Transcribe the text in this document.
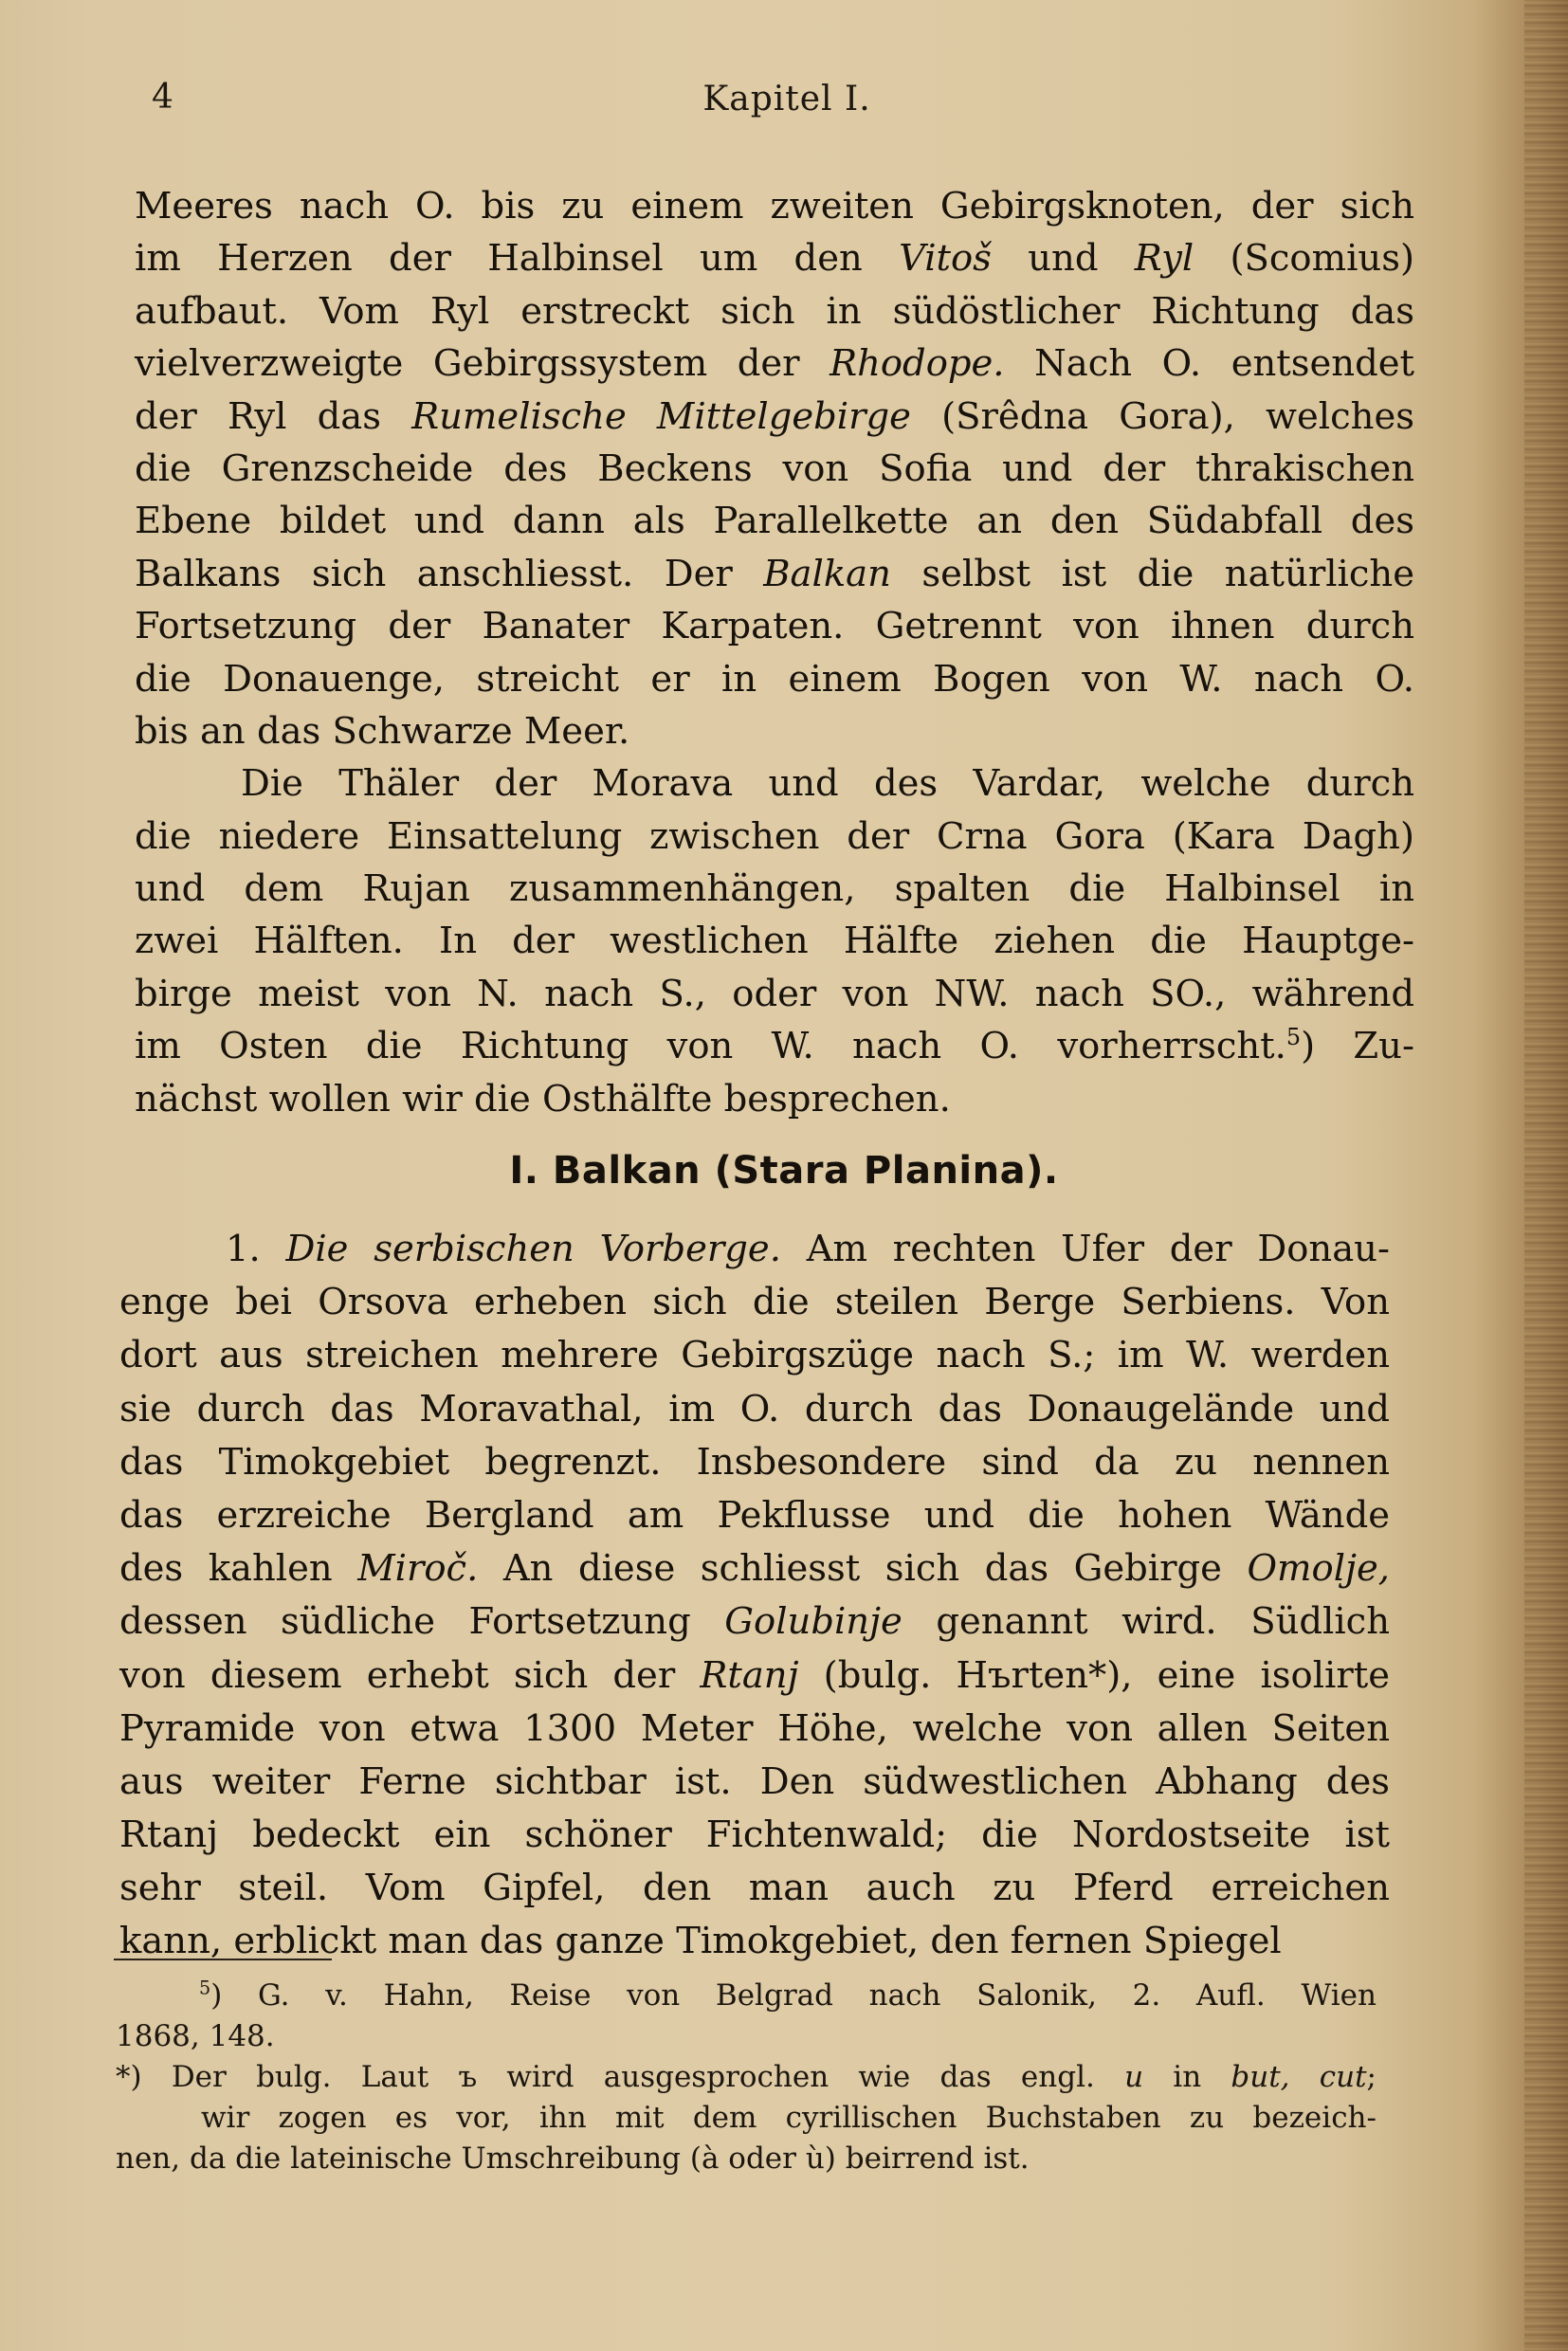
4	Kapitel I.
Meeres nach O. bis zu einem zweiten Gebirgsknoten, der sich
im Herzen der Halbinsel um den Vitoš und Ryl (Scomius)
aufbaut. Vom Ryl erstreckt sich in südöstlicher Richtung das
vielverzweigte Gebirgssystem der Rhodope. Nach O. entsendet
der Ryl das Rumelische Mittelgebirge (Srêdna Gora), welches
die Grenzscheide des Beckens von Sofia und der thrakischen
Ebene bildet und dann als Parallelkette an den Südabfall des
Balkans sich anschliesst. Der Balkan selbst ist die natürliche
Fortsetzung der Banater Karpaten. Getrennt von ihnen durch
die Donauenge, streicht er in einem Bogen von W. nach O.
bis an das Schwarze Meer.
Die Thäler der Morava und des Vardar, welche durch
die niedere Einsattelung zwischen der Crna Gora (Kara Dagh)
und dem Rujan zusammenhängen, spalten die Halbinsel in
zwei Hälften. In der westlichen Hälfte ziehen die Hauptge-
birge meist von N. nach S., oder von NW. nach SO., während
im Osten die Richtung von W. nach O. vorherrscht.$^5$) Zu-
nächst wollen wir die Osthälfte besprechen.
I. Balkan (Stara Planina).
1. Die serbischen Vorberge. Am rechten Ufer der Donau-
enge bei Orsova erheben sich die steilen Berge Serbiens. Von
dort aus streichen mehrere Gebirgszüge nach S.; im W. werden
sie durch das Moravathal, im O. durch das Donaugelände und
das Timokgebiet begrenzt. Insbesondere sind da zu nennen
das erzreiche Bergland am Pekflusse und die hohen Wände
des kahlen Miroč. An diese schliesst sich das Gebirge Omolje,
dessen südliche Fortsetzung Golubinje genannt wird. Südlich
von diesem erhebt sich der Rtanj (bulg. Hъrten*), eine isolirte
Pyramide von etwa 1300 Meter Höhe, welche von allen Seiten
aus weiter Ferne sichtbar ist. Den südwestlichen Abhang des
Rtanj bedeckt ein schöner Fichtenwald; die Nordostseite ist
sehr steil. Vom Gipfel, den man auch zu Pferd erreichen
kann, erblickt man das ganze Timokgebiet, den fernen Spiegel
$^5$) G. v. Hahn, Reise von Belgrad nach Salonik, 2. Aufl. Wien
1868, 148.
*) Der bulg. Laut ъ wird ausgesprochen wie das engl. u in but, cut;
wir zogen es vor, ihn mit dem cyrillischen Buchstaben zu bezeich-
nen, da die lateinische Umschreibung (à oder ù) beirrend ist.
